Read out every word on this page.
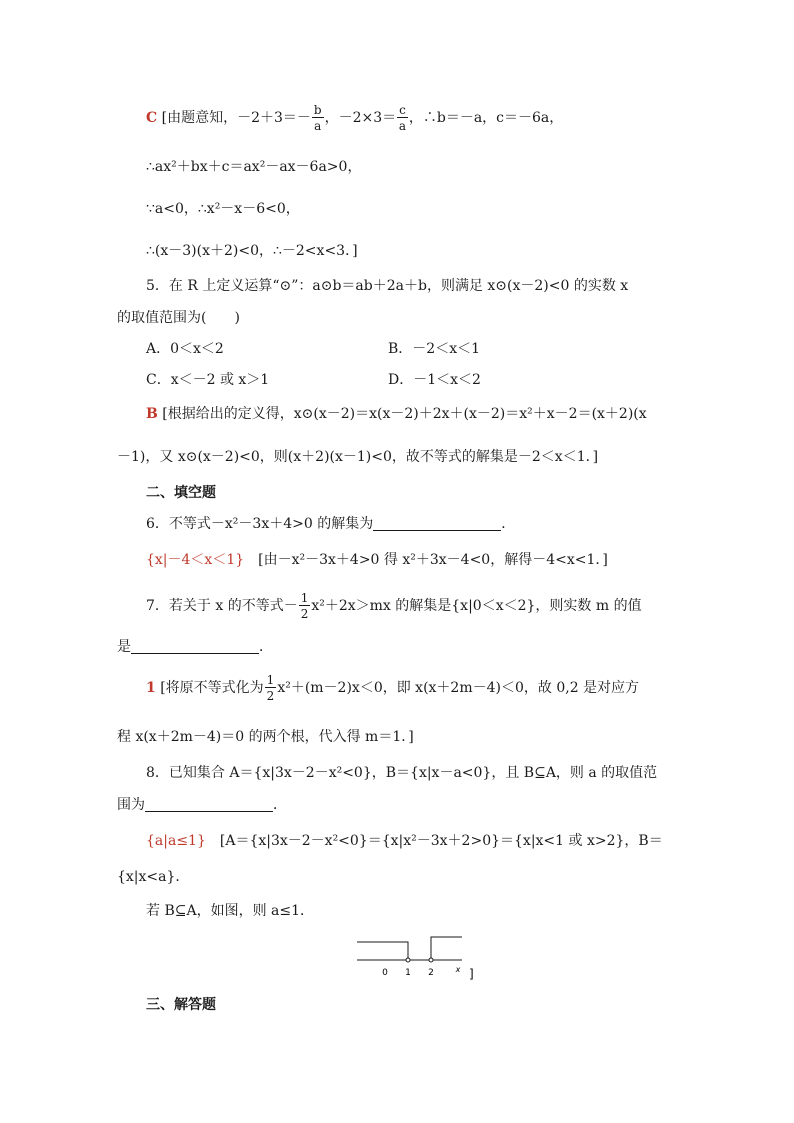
C [由题意知，$-2+3=- \frac{b}{a}$ ，$-2\times 3= \frac{c}{a}$ ，∴b＝－a，c＝－6a，
∴ax²＋bx＋c＝ax²－ax－6a>0，
∵a<0，∴x²－x－6<0，
∴(x－3)(x＋2)<0，∴－2<x<3．]
5．在 R 上定义运算“⊙”：a⊙b＝ab＋2a＋b，则满足 x⊙(x－2)<0 的实数 x
的取值范围为(　　)
A．0＜x＜2	B．－2＜x＜1
C．x＜－2 或 x＞1	D．－1＜x＜2
B [根据给出的定义得，x⊙(x－2)＝x(x－2)＋2x＋(x－2)＝x²＋x－2＝(x＋2)(x
－1)，又 x⊙(x－2)<0，则(x＋2)(x－1)<0，故不等式的解集是－2＜x＜1．]
二、填空题
6．不等式－x²－3x＋4>0 的解集为	．
{x|－4＜x＜1}　[由－x²－3x＋4>0 得 x²＋3x－4<0，解得－4<x<1．]
7．若关于 x 的不等式－ $\frac{1}{2} x^2+2x>mx$ 的解集是{x|0＜x＜2}，则实数 m 的值
是	．
1 [将原不等式化为 $\frac{1}{2} x^2+(m-2)x<0$，即 x(x＋2m－4)＜0，故 0,2 是对应方
程 x(x＋2m－4)＝0 的两个根，代入得 m＝1．]
8．已知集合 A＝{x|3x－2－x²<0}，B＝{x|x－a<0}，且 B⊆A，则 a 的取值范
围为	．
{a|a≤1}　[A＝{x|3x－2－x²<0}＝{x|x²－3x＋2>0}＝{x|x<1 或 x>2}，B＝
{x|x<a}．
若 B⊆A，如图，则 a≤1．
0 1 2	x ]
三、解答题
